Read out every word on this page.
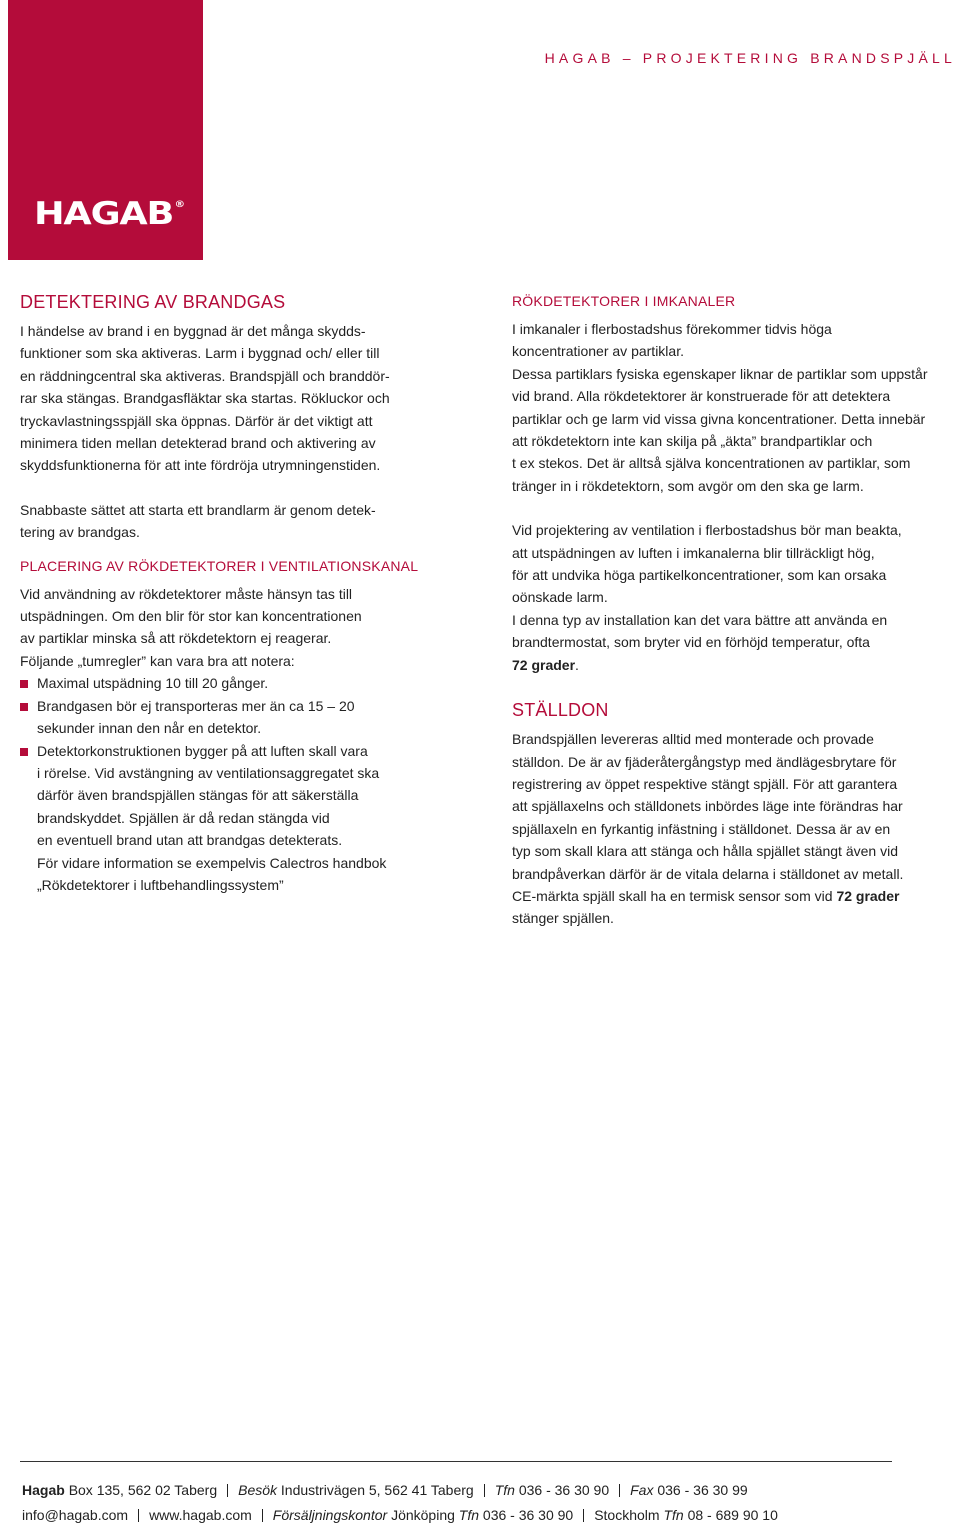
HAGAB®
HAGAB – PROJEKTERING BRANDSPJÄLL
DETEKTERING AV BRANDGAS

I händelse av brand i en byggnad är det många skydds-
funktioner som ska aktiveras. Larm i byggnad och/ eller till
en räddningcentral ska aktiveras. Brandspjäll och branddör-
rar ska stängas. Brandgasfläktar ska startas. Rökluckor och
tryckavlastningsspjäll ska öppnas. Därför är det viktigt att
minimera tiden mellan detekterad brand och aktivering av
skyddsfunktionerna för att inte fördröja utrymningenstiden.

Snabbaste sättet att starta ett brandlarm är genom detek-
tering av brandgas.

PLACERING AV RÖKDETEKTORER I VENTILATIONSKANAL

Vid användning av rökdetektorer måste hänsyn tas till
utspädningen. Om den blir för stor kan koncentrationen
av partiklar minska så att rökdetektorn ej reagerar.
Följande „tumregler” kan vara bra att notera:

Maximal utspädning 10 till 20 gånger.
Brandgasen bör ej transporteras mer än ca 15 – 20
sekunder innan den når en detektor.
Detektorkonstruktionen bygger på att luften skall vara
i rörelse. Vid avstängning av ventilationsaggregatet ska
därför även brandspjällen stängas för att säkerställa
brandskyddet. Spjällen är då redan stängda vid
en eventuell brand utan att brandgas detekterats.

För vidare information se exempelvis Calectros handbok
„Rökdetektorer i luftbehandlingssystem”

RÖKDETEKTORER I IMKANALER

I imkanaler i flerbostadshus förekommer tidvis höga
koncentrationer av partiklar.
Dessa partiklars fysiska egenskaper liknar de partiklar som uppstår
vid brand. Alla rökdetektorer är konstruerade för att detektera
partiklar och ge larm vid vissa givna koncentrationer. Detta innebär
att rökdetektorn inte kan skilja på „äkta” brandpartiklar och
t ex stekos. Det är alltså själva koncentrationen av partiklar, som
tränger in i rökdetektorn, som avgör om den ska ge larm.

Vid projektering av ventilation i flerbostadshus bör man beakta,
att utspädningen av luften i imkanalerna blir tillräckligt hög,
för att undvika höga partikelkoncentrationer, som kan orsaka
oönskade larm.
I denna typ av installation kan det vara bättre att använda en
brandtermostat, som bryter vid en förhöjd temperatur, ofta
72 grader.

STÄLLDON

Brandspjällen levereras alltid med monterade och provade
ställdon. De är av fjäderåtergångstyp med ändlägesbrytare för
registrering av öppet respektive stängt spjäll. För att garantera
att spjällaxelns och ställdonets inbördes läge inte förändras har
spjällaxeln en fyrkantig infästning i ställdonet. Dessa är av en
typ som skall klara att stänga och hålla spjället stängt även vid
brandpåverkan därför är de vitala delarna i ställdonet av metall.
CE-märkta spjäll skall ha en termisk sensor som vid 72 grader
stänger spjällen.

Hagab Box 135, 562 02 Taberg Besök Industrivägen 5, 562 41 Taberg Tfn 036 - 36 30 90 Fax 036 - 36 30 99
info@hagab.com www.hagab.com Försäljningskontor Jönköping Tfn 036 - 36 30 90 Stockholm Tfn 08 - 689 90 10
